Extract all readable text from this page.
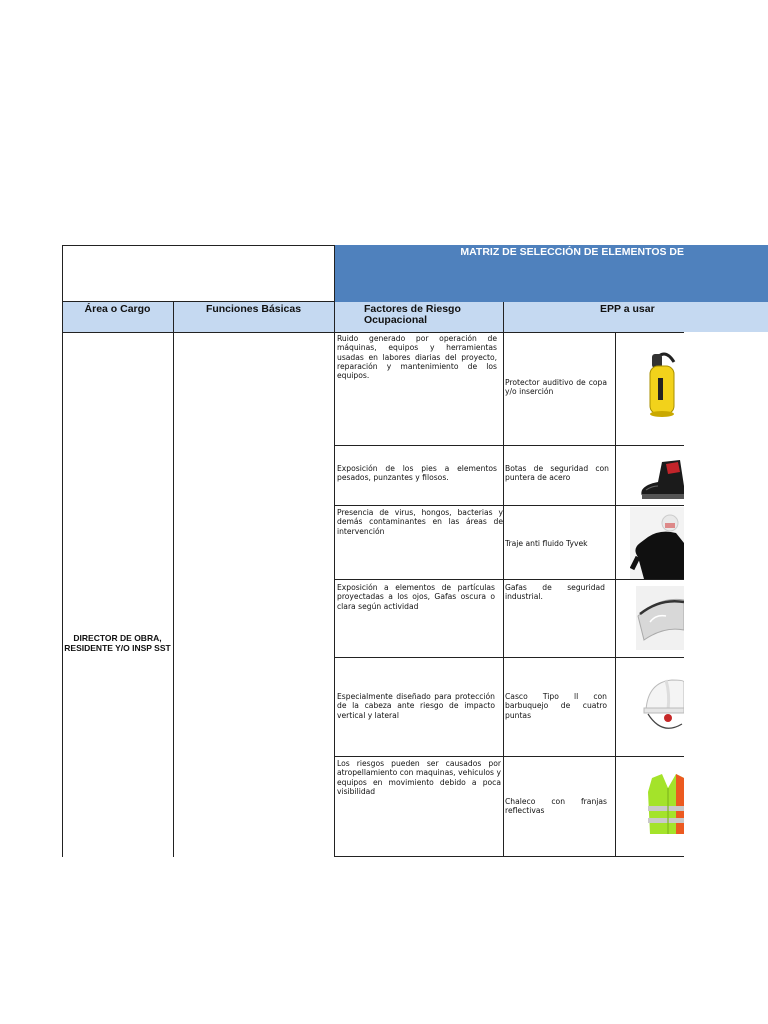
MATRIZ DE SELECCIÓN DE ELEMENTOS DE
Área o Cargo	Funciones Básicas	Factores de Riesgo Ocupacional
EPP a usar
DIRECTOR DE OBRA, RESIDENTE Y/O INSP SST
Ruido generado por operación de máquinas, equipos y herramientas usadas en labores diarias del proyecto, reparación y mantenimiento de los equipos.
Protector auditivo de copa y/o inserción
Exposición de los pies a elementos pesados, punzantes y filosos.
Botas de seguridad con puntera de acero
Presencia de virus, hongos, bacterias y demás contaminantes en las áreas de intervención
Traje anti fluido Tyvek
Exposición a elementos de partículas proyectadas a los ojos, Gafas oscura o clara según actividad
Gafas de seguridad industrial.
Especialmente diseñado para protección de la cabeza ante riesgo de impacto vertical y lateral
Casco Tipo ll con barbuquejo de cuatro puntas
Los riesgos pueden ser causados por atropellamiento con maquinas, vehiculos y equipos en movimiento debido a poca visibilidad
Chaleco con franjas reflectivas
